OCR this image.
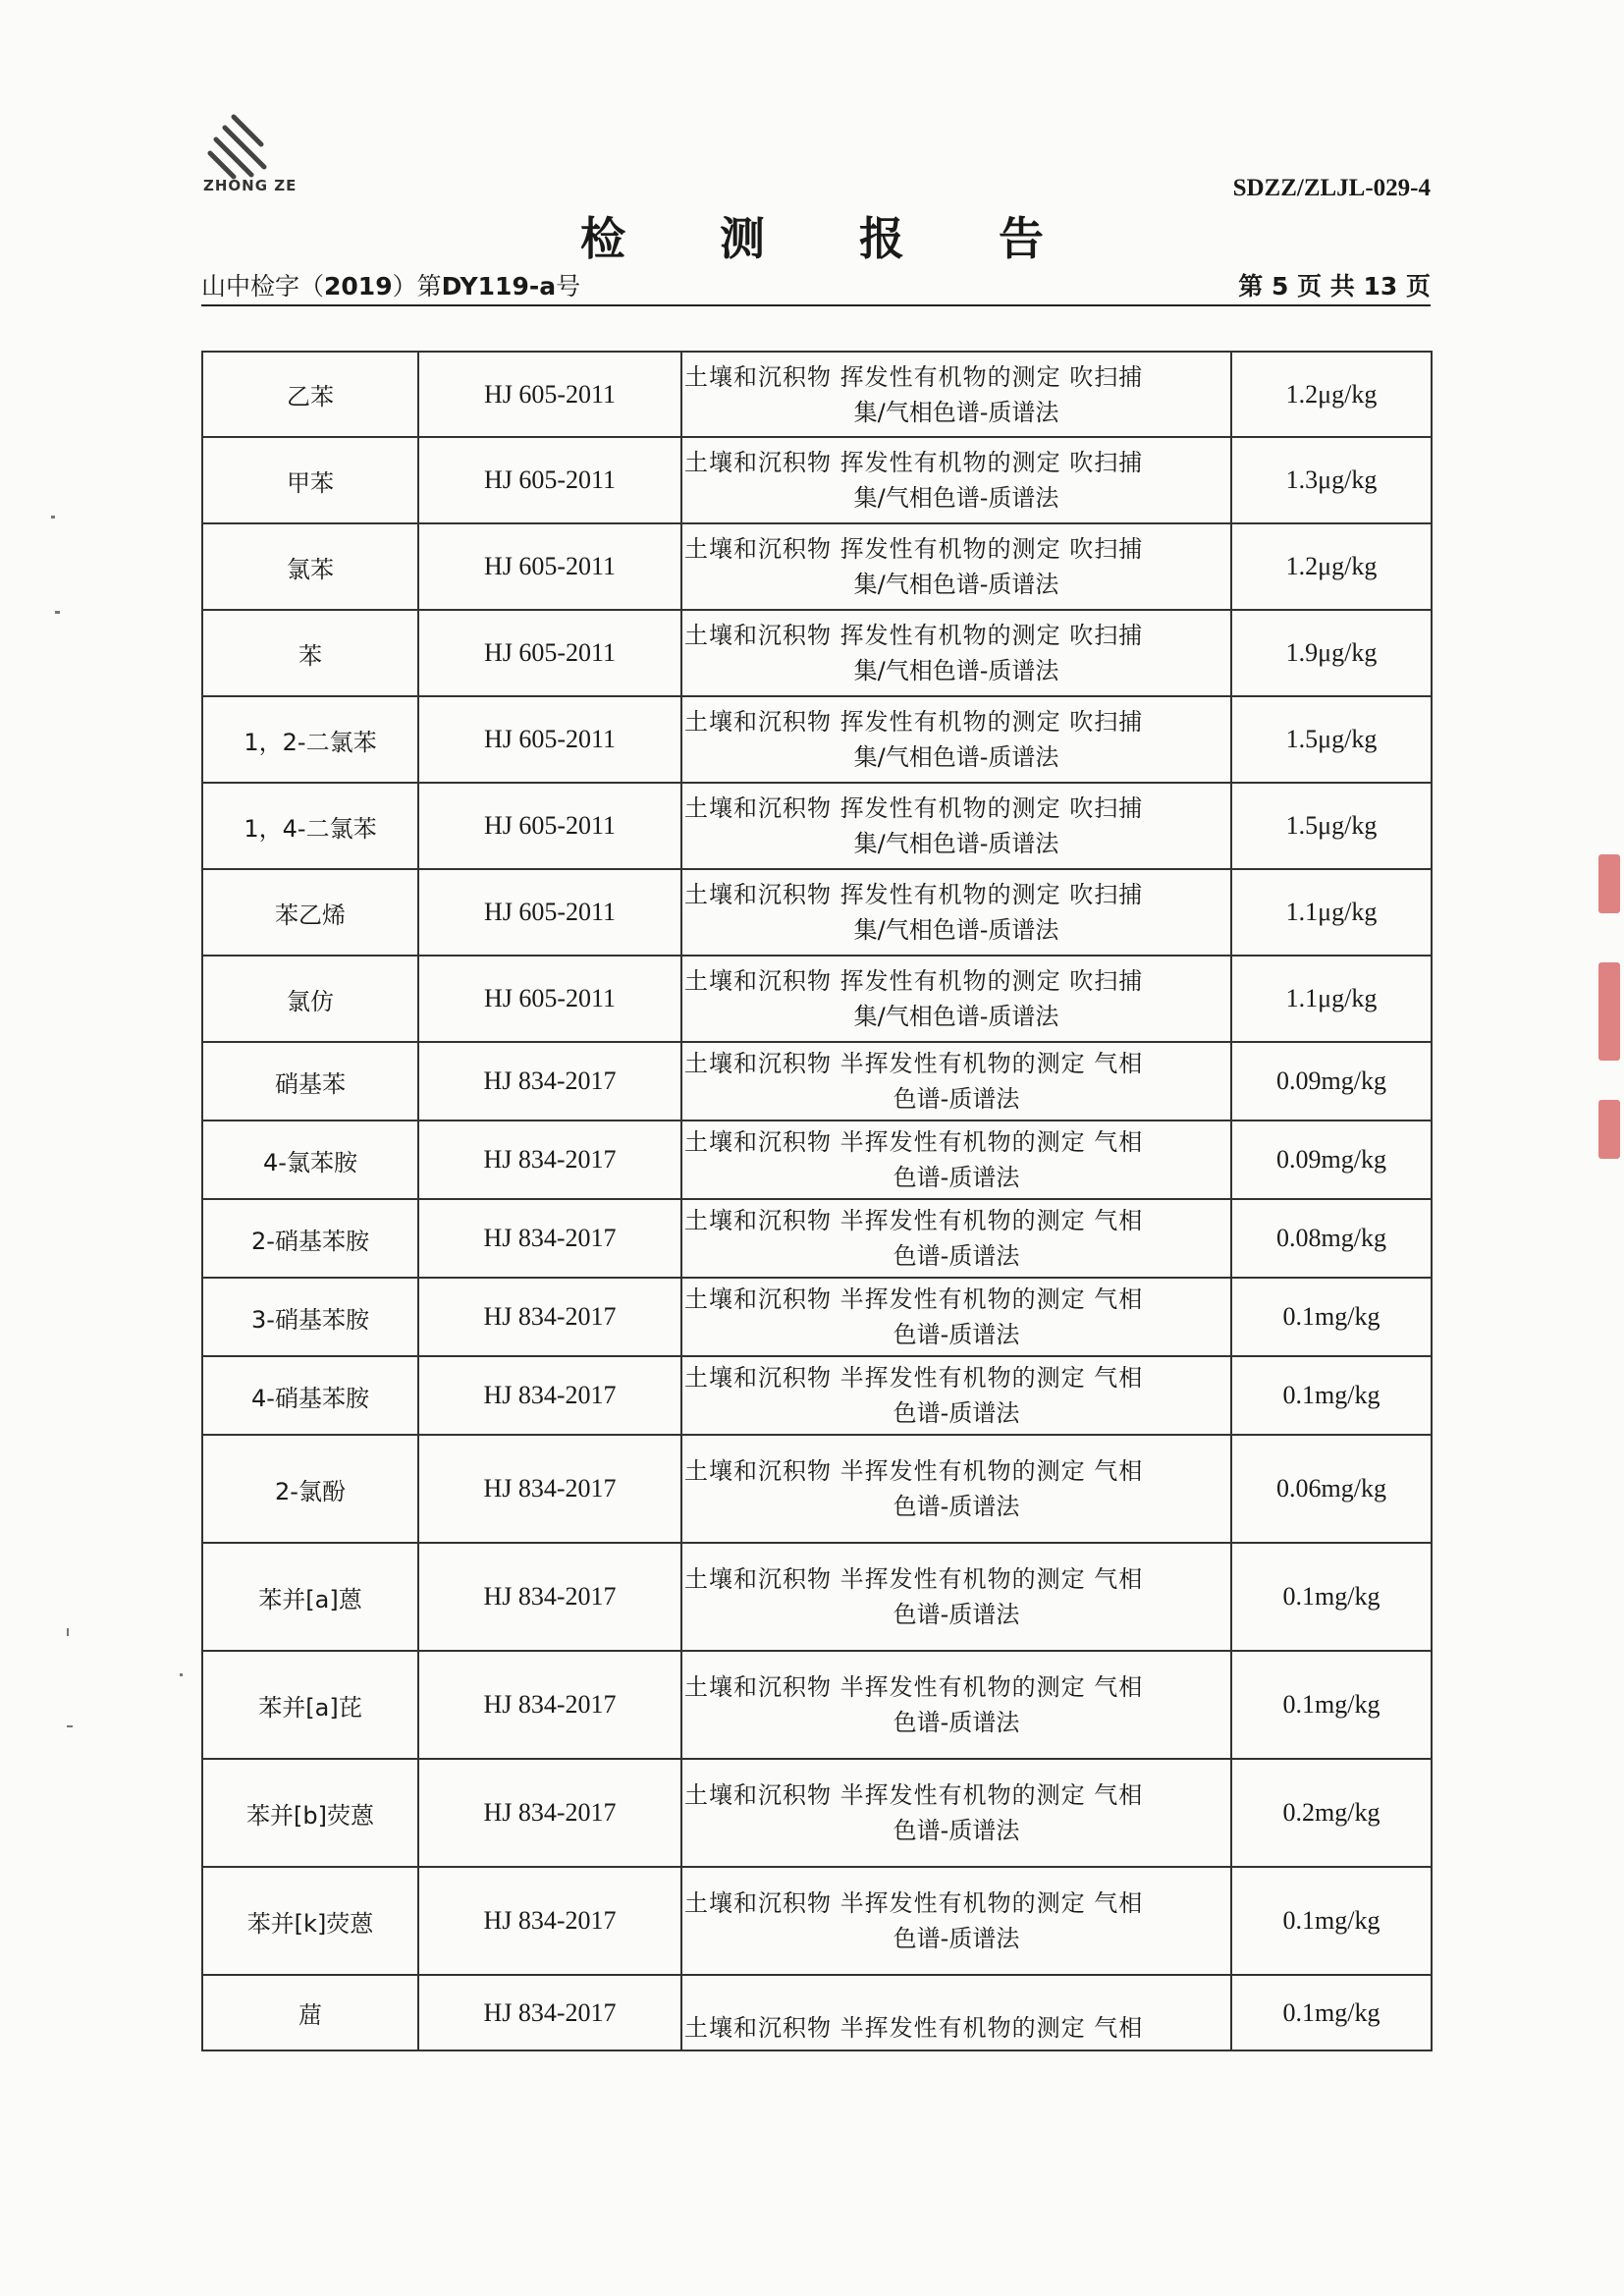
ZHONG ZE	SDZZ/ZLJL-029-4
检 测 报 告
山中检字（2019）第DY119-a号	第 5 页 共 13 页
乙苯	HJ 605-2011	土壤和沉积物 挥发性有机物的测定 吹扫捕
集/气相色谱-质谱法	1.2μg/kg
甲苯	HJ 605-2011	土壤和沉积物 挥发性有机物的测定 吹扫捕
集/气相色谱-质谱法	1.3μg/kg
氯苯	HJ 605-2011	土壤和沉积物 挥发性有机物的测定 吹扫捕
集/气相色谱-质谱法	1.2μg/kg
苯	HJ 605-2011	土壤和沉积物 挥发性有机物的测定 吹扫捕
集/气相色谱-质谱法	1.9μg/kg
1，2-二氯苯	HJ 605-2011	土壤和沉积物 挥发性有机物的测定 吹扫捕
集/气相色谱-质谱法	1.5μg/kg
1，4-二氯苯	HJ 605-2011	土壤和沉积物 挥发性有机物的测定 吹扫捕
集/气相色谱-质谱法	1.5μg/kg
苯乙烯	HJ 605-2011	土壤和沉积物 挥发性有机物的测定 吹扫捕
集/气相色谱-质谱法	1.1μg/kg
氯仿	HJ 605-2011	土壤和沉积物 挥发性有机物的测定 吹扫捕
集/气相色谱-质谱法	1.1μg/kg
硝基苯	HJ 834-2017	土壤和沉积物 半挥发性有机物的测定 气相
色谱-质谱法	0.09mg/kg
4-氯苯胺	HJ 834-2017	土壤和沉积物 半挥发性有机物的测定 气相
色谱-质谱法	0.09mg/kg
2-硝基苯胺	HJ 834-2017	土壤和沉积物 半挥发性有机物的测定 气相
色谱-质谱法	0.08mg/kg
3-硝基苯胺	HJ 834-2017	土壤和沉积物 半挥发性有机物的测定 气相
色谱-质谱法	0.1mg/kg
4-硝基苯胺	HJ 834-2017	土壤和沉积物 半挥发性有机物的测定 气相
色谱-质谱法	0.1mg/kg
2-氯酚	HJ 834-2017	土壤和沉积物 半挥发性有机物的测定 气相
色谱-质谱法	0.06mg/kg
苯并[a]蒽	HJ 834-2017	土壤和沉积物 半挥发性有机物的测定 气相
色谱-质谱法	0.1mg/kg
苯并[a]芘	HJ 834-2017	土壤和沉积物 半挥发性有机物的测定 气相
色谱-质谱法	0.1mg/kg
苯并[b]荧蒽	HJ 834-2017	土壤和沉积物 半挥发性有机物的测定 气相
色谱-质谱法	0.2mg/kg
苯并[k]荧蒽	HJ 834-2017	土壤和沉积物 半挥发性有机物的测定 气相
色谱-质谱法	0.1mg/kg
䓛	HJ 834-2017	土壤和沉积物 半挥发性有机物的测定 气相	0.1mg/kg
